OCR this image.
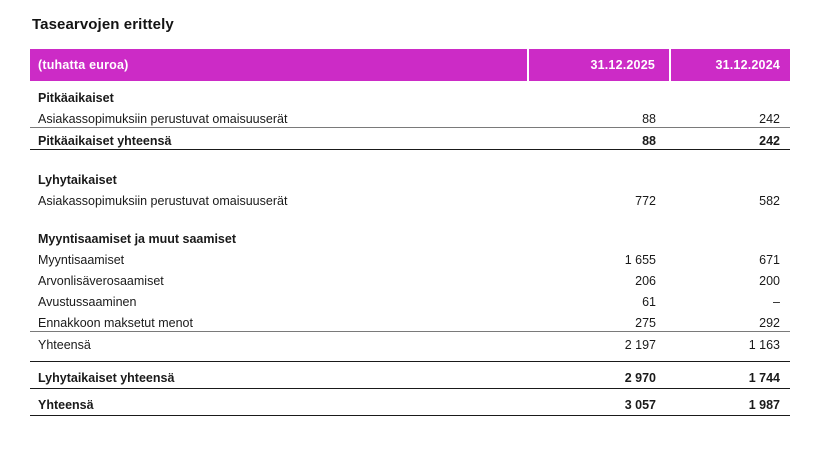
Tasearvojen erittely
(tuhatta euroa)	31.12.2025	31.12.2024
Pitkäaikaiset		
Asiakassopimuksiin perustuvat omaisuuserät	88	242
Pitkäaikaiset yhteensä	88	242

Lyhytaikaiset		
Asiakassopimuksiin perustuvat omaisuuserät	772	582

Myyntisaamiset ja muut saamiset		
Myyntisaamiset	1 655	671
Arvonlisäverosaamiset	206	200
Avustussaaminen	61	–
Ennakkoon maksetut menot	275	292
Yhteensä	2 197	1 163

Lyhytaikaiset yhteensä	2 970	1 744
Yhteensä	3 057	1 987
